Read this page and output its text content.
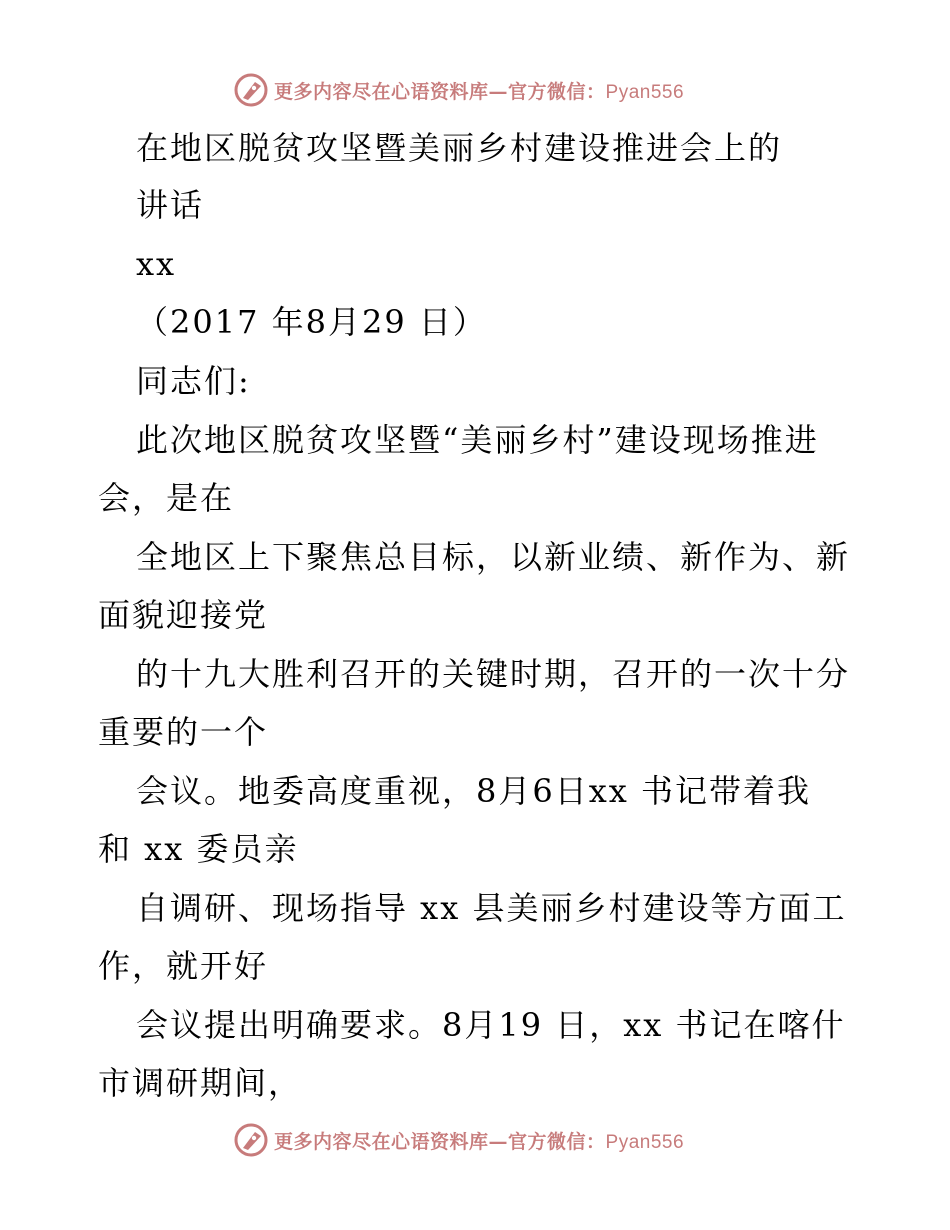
更多内容尽在心语资料库—官方微信：Pyan556

在地区脱贫攻坚暨美丽乡村建设推进会上的

讲话

xx

（2017 年8月29 日）

同志们:

此次地区脱贫攻坚暨“美丽乡村”建设现场推进

会，是在

全地区上下聚焦总目标，以新业绩、新作为、新

面貌迎接党

的十九大胜利召开的关键时期，召开的一次十分

重要的一个

会议。地委高度重视，8月6日xx 书记带着我

和 xx 委员亲

自调研、现场指导 xx 县美丽乡村建设等方面工

作，就开好

会议提出明确要求。8月19 日，xx 书记在喀什

市调研期间，

更多内容尽在心语资料库—官方微信：Pyan556
